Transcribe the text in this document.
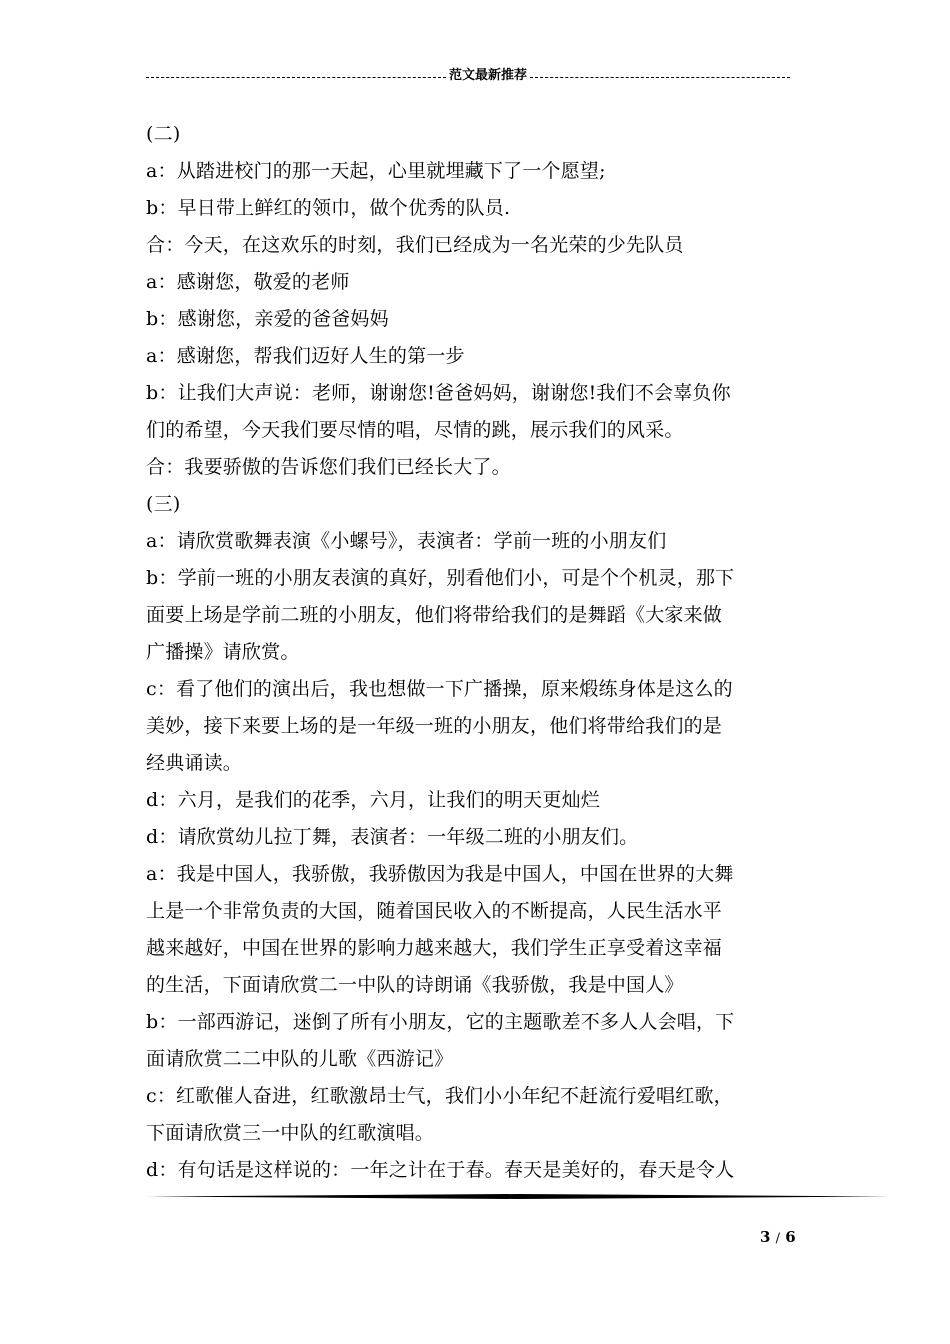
范文最新推荐
(二)
a：从踏进校门的那一天起，心里就埋藏下了一个愿望;
b：早日带上鲜红的领巾，做个优秀的队员.
合：今天，在这欢乐的时刻，我们已经成为一名光荣的少先队员
a：感谢您，敬爱的老师
b：感谢您，亲爱的爸爸妈妈
a：感谢您，帮我们迈好人生的第一步
b：让我们大声说：老师，谢谢您!爸爸妈妈，谢谢您!我们不会辜负你
们的希望，今天我们要尽情的唱，尽情的跳，展示我们的风采。
合：我要骄傲的告诉您们我们已经长大了。
(三)
a：请欣赏歌舞表演《小螺号》，表演者：学前一班的小朋友们
b：学前一班的小朋友表演的真好，别看他们小，可是个个机灵，那下
面要上场是学前二班的小朋友，他们将带给我们的是舞蹈《大家来做
广播操》请欣赏。
c：看了他们的演出后，我也想做一下广播操，原来煅练身体是这么的
美妙，接下来要上场的是一年级一班的小朋友，他们将带给我们的是
经典诵读。
d：六月，是我们的花季，六月，让我们的明天更灿烂
d：请欣赏幼儿拉丁舞，表演者：一年级二班的小朋友们。
a：我是中国人，我骄傲，我骄傲因为我是中国人，中国在世界的大舞
上是一个非常负责的大国，随着国民收入的不断提高，人民生活水平
越来越好，中国在世界的影响力越来越大，我们学生正享受着这幸福
的生活，下面请欣赏二一中队的诗朗诵《我骄傲，我是中国人》
b：一部西游记，迷倒了所有小朋友，它的主题歌差不多人人会唱，下
面请欣赏二二中队的儿歌《西游记》
c：红歌催人奋进，红歌激昂士气，我们小小年纪不赶流行爱唱红歌，
下面请欣赏三一中队的红歌演唱。
d：有句话是这样说的：一年之计在于春。春天是美好的，春天是令人
3 / 6
